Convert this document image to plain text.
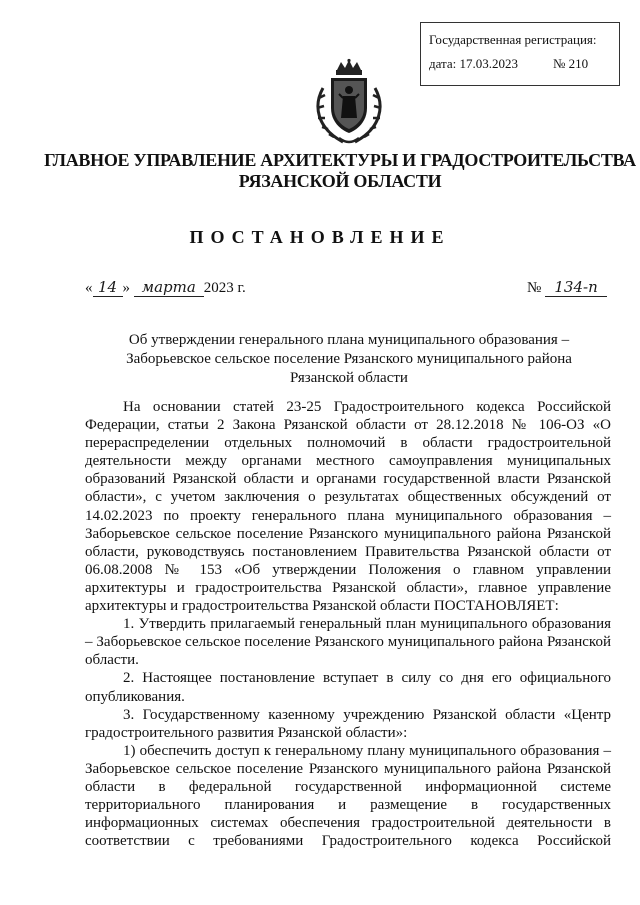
Государственная регистрация:
дата: 17.03.2023	№ 210
ГЛАВНОЕ УПРАВЛЕНИЕ АРХИТЕКТУРЫ И ГРАДОСТРОИТЕЛЬСТВА
РЯЗАНСКОЙ ОБЛАСТИ
ПОСТАНОВЛЕНИЕ
« 14 » марта 2023 г.	№ 134-п
Об утверждении генерального плана муниципального образования –
Заборьевское сельское поселение Рязанского муниципального района
Рязанской области

На основании статей 23-25 Градостроительного кодекса Российской Федерации, статьи 2 Закона Рязанской области от 28.12.2018 № 106-ОЗ «О перераспределении отдельных полномочий в области градостроительной деятельности между органами местного самоуправления муниципальных образований Рязанской области и органами государственной власти Рязанской области», с учетом заключения о результатах общественных обсуждений от 14.02.2023 по проекту генерального плана муниципального образования – Заборьевское сельское поселение Рязанского муниципального района Рязанской области, руководствуясь постановлением Правительства Рязанской области от 06.08.2008 № 153 «Об утверждении Положения о главном управлении архитектуры и градостроительства Рязанской области», главное управление архитектуры и градостроительства Рязанской области ПОСТАНОВЛЯЕТ:

1. Утвердить прилагаемый генеральный план муниципального образования – Заборьевское сельское поселение Рязанского муниципального района Рязанской области.

2. Настоящее постановление вступает в силу со дня его официального опубликования.

3. Государственному казенному учреждению Рязанской области «Центр градостроительного развития Рязанской области»:

1) обеспечить доступ к генеральному плану муниципального образования – Заборьевское сельское поселение Рязанского муниципального района Рязанской области в федеральной государственной информационной системе территориального планирования и размещение в государственных информационных системах обеспечения градостроительной деятельности в соответствии с требованиями Градостроительного кодекса Российской
